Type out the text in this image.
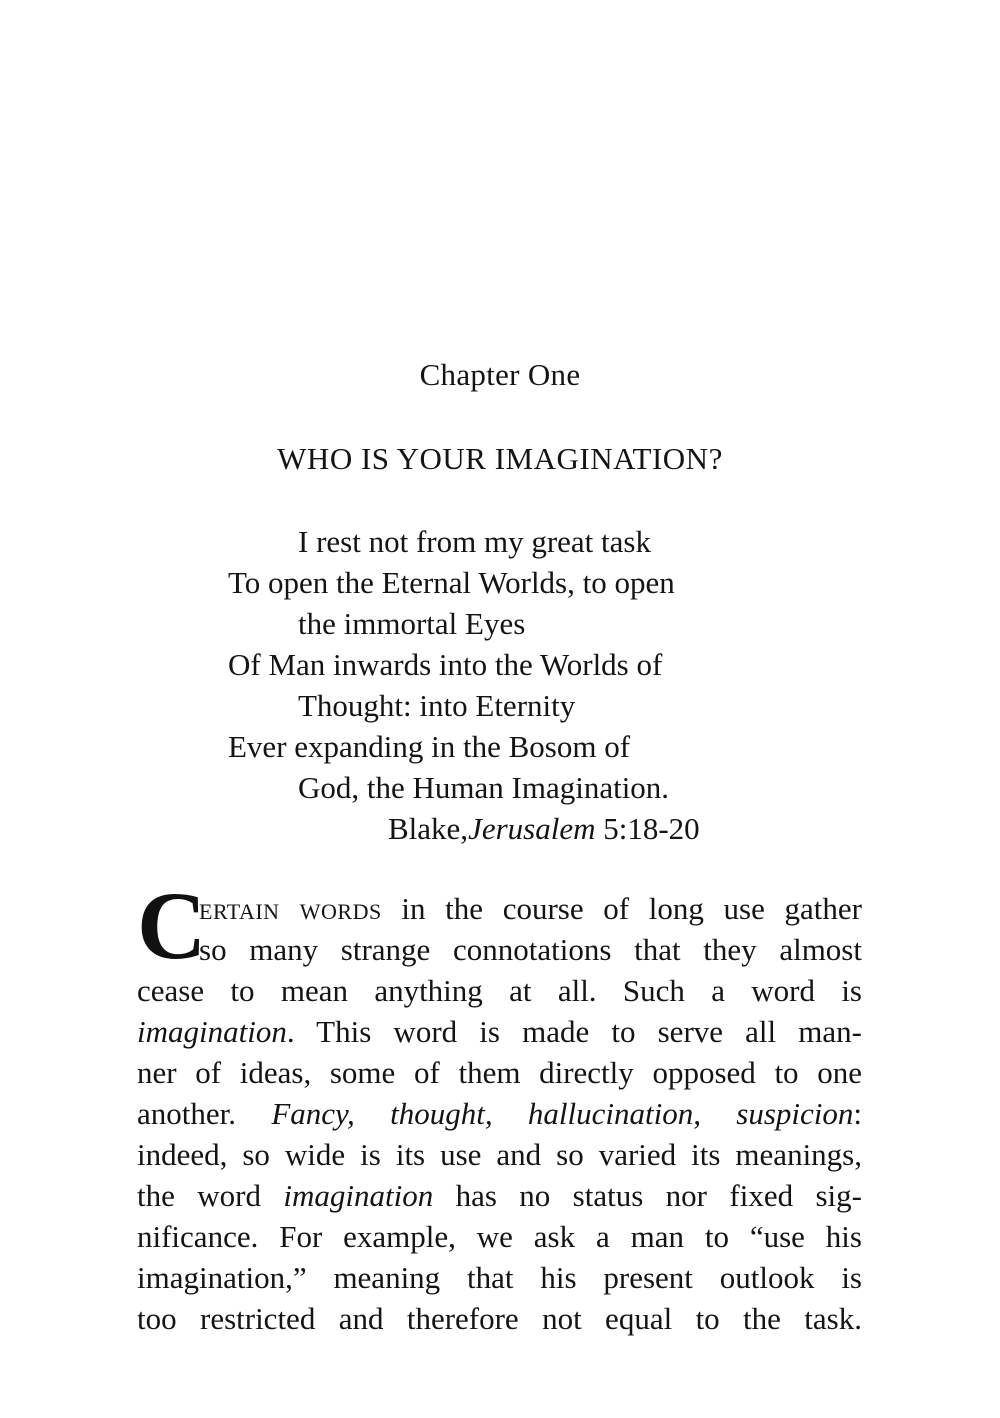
Chapter One
WHO IS YOUR IMAGINATION?
I rest not from my great task
To open the Eternal Worlds, to open
the immortal Eyes
Of Man inwards into the Worlds of
Thought: into Eternity
Ever expanding in the Bosom of
God, the Human Imagination.
Blake,Jerusalem 5:18-20
C
ertain words in the course of long use gather
so many strange connotations that they almost
cease to mean anything at all. Such a word is
imagination. This word is made to serve all man-
ner of ideas, some of them directly opposed to one
another. Fancy, thought, hallucination, suspicion:
indeed, so wide is its use and so varied its meanings,
the word imagination has no status nor fixed sig-
nificance. For example, we ask a man to “use his
imagination,” meaning that his present outlook is
too restricted and therefore not equal to the task.
